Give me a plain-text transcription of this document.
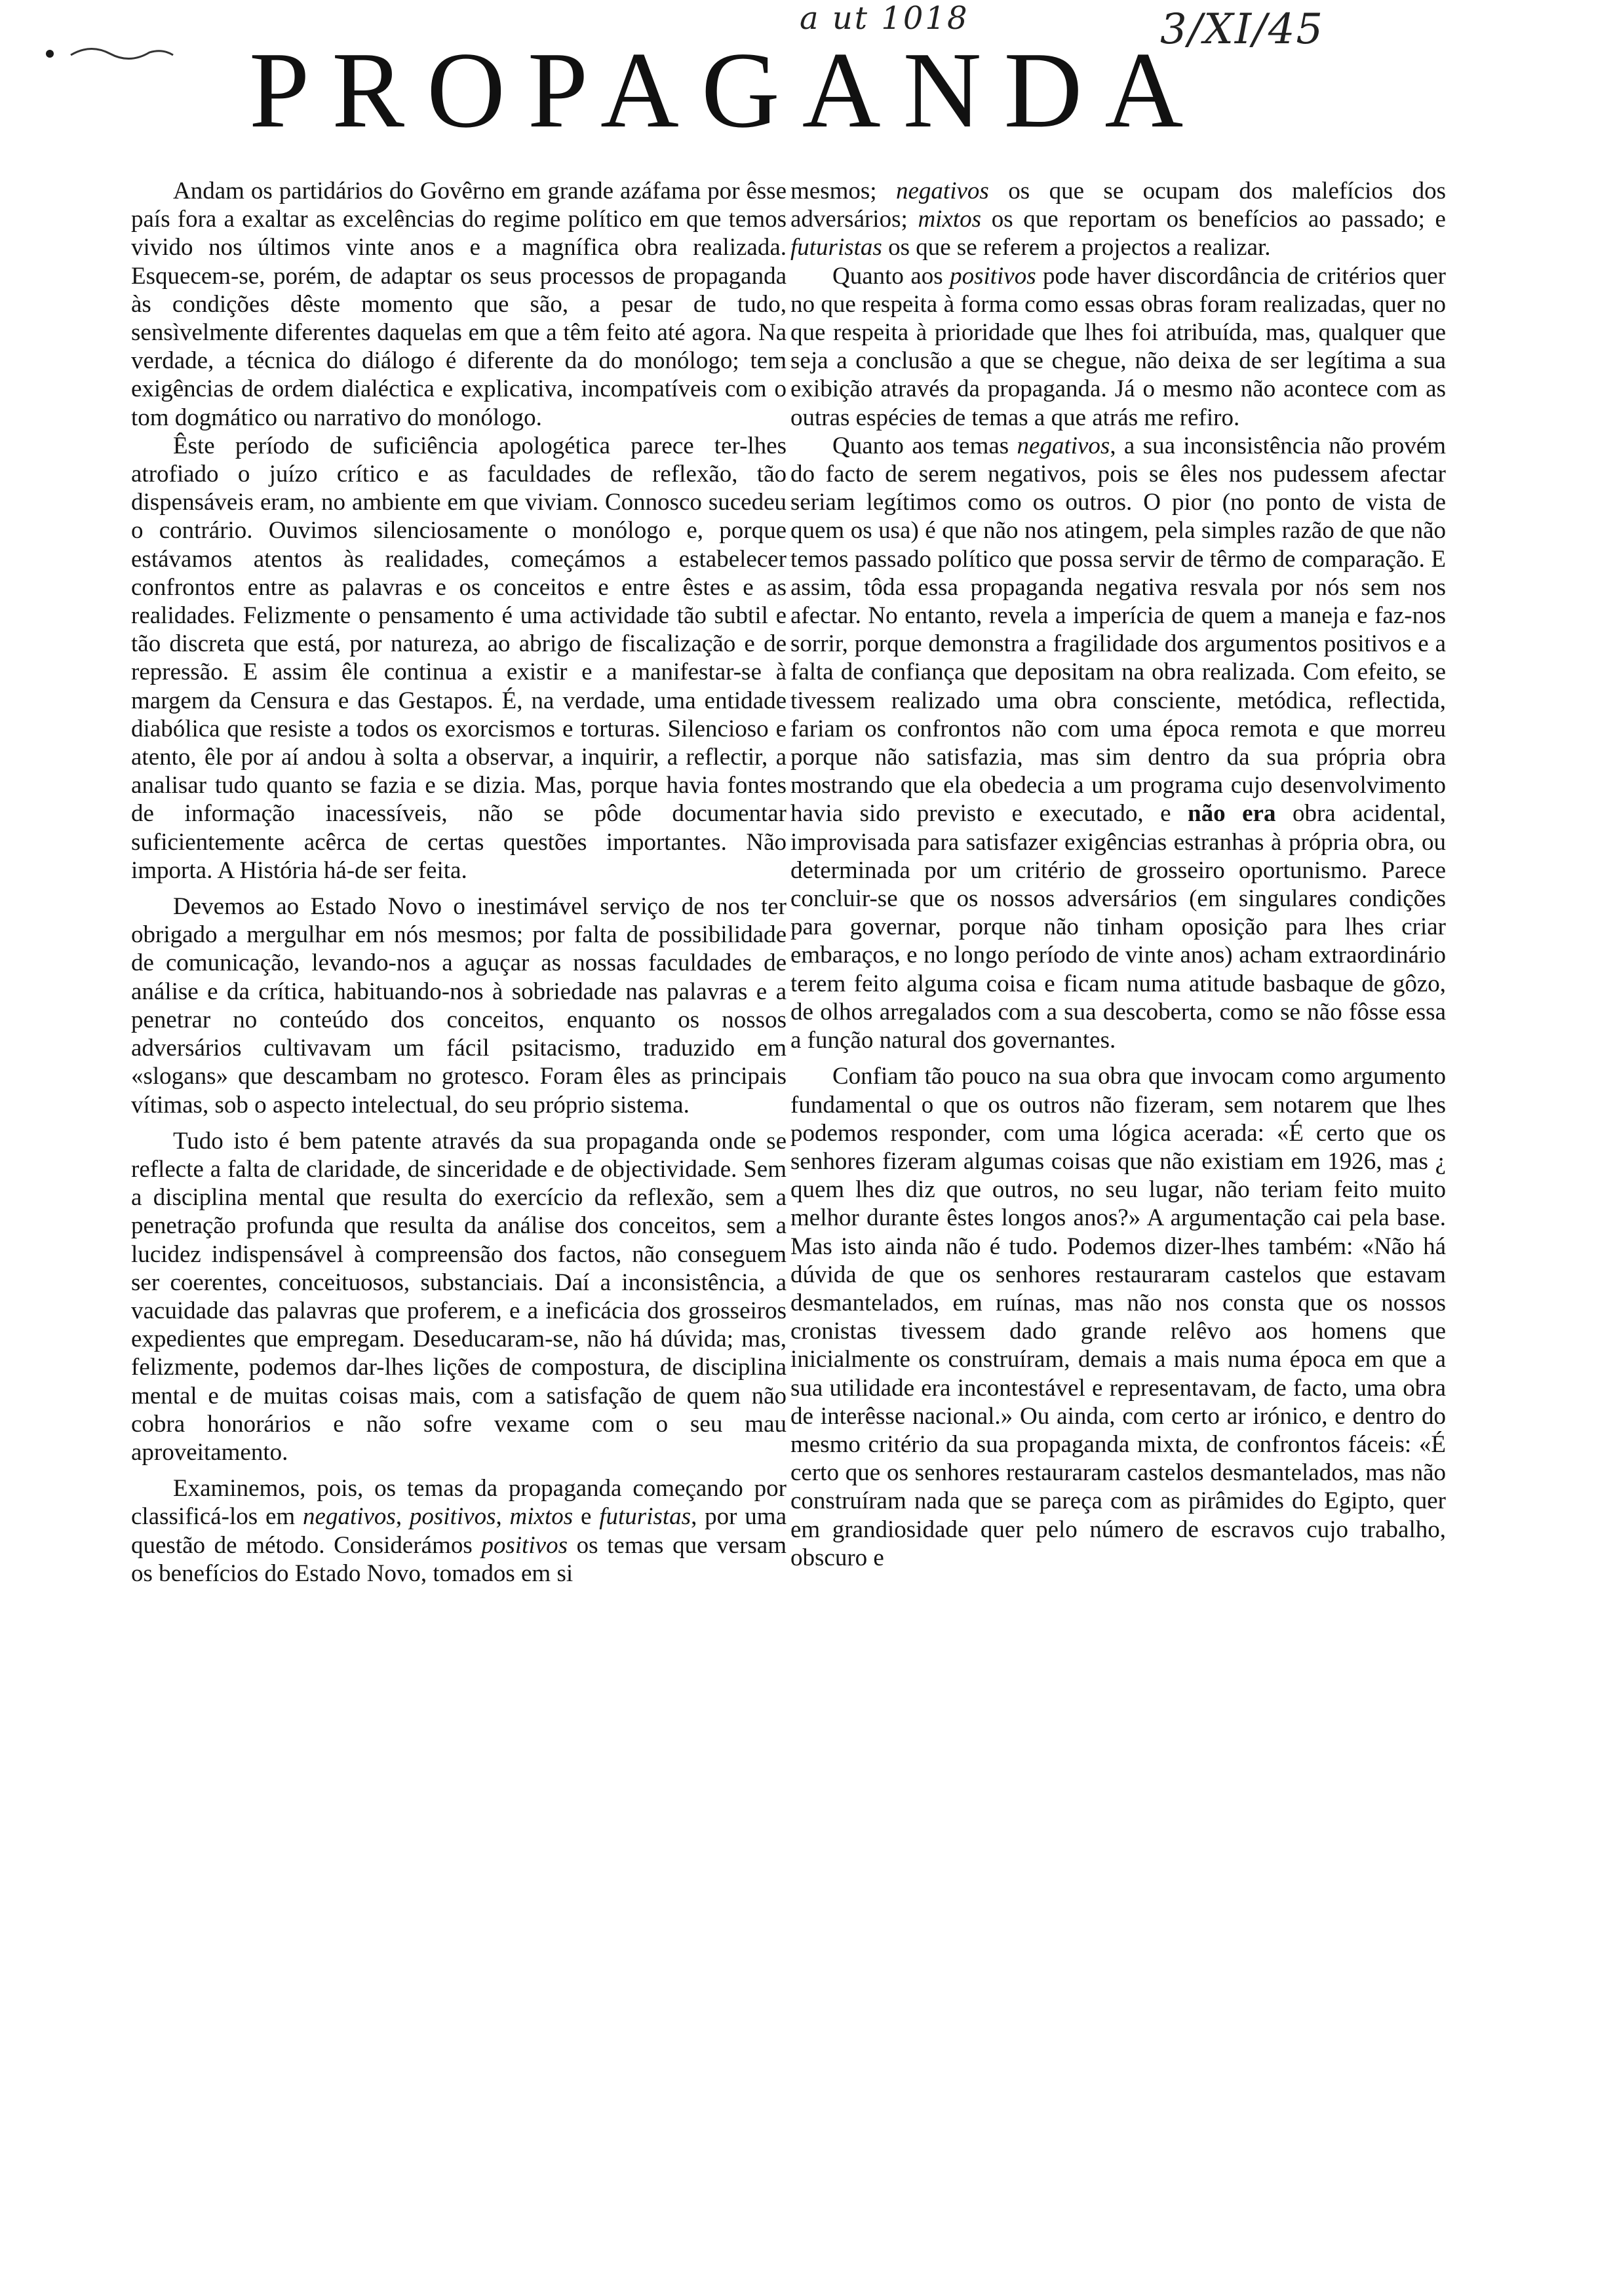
a ut 1018	3/XI/45
PROPAGANDA

Andam os partidários do Govêrno em grande azáfama por êsse país fora a exaltar as excelências do regime político em que temos vivido nos últimos vinte anos e a magnífica obra realizada. Esquecem-se, porém, de adaptar os seus processos de propaganda às condições dêste momento que são, a pesar de tudo, sensìvelmente diferentes daquelas em que a têm feito até agora. Na verdade, a técnica do diálogo é diferente da do monólogo; tem exigências de ordem dialéctica e explicativa, incompatíveis com o tom dogmático ou narrativo do monólogo.

Êste período de suficiência apologética parece ter-lhes atrofiado o juízo crítico e as faculdades de reflexão, tão dispensáveis eram, no ambiente em que viviam. Connosco sucedeu o contrário. Ouvimos silenciosamente o monólogo e, porque estávamos atentos às realidades, começámos a estabelecer confrontos entre as palavras e os conceitos e entre êstes e as realidades. Felizmente o pensamento é uma actividade tão subtil e tão discreta que está, por natureza, ao abrigo de fiscalização e de repressão. E assim êle continua a existir e a manifestar-se à margem da Censura e das Gestapos. É, na verdade, uma entidade diabólica que resiste a todos os exorcismos e torturas. Silencioso e atento, êle por aí andou à solta a observar, a inquirir, a reflectir, a analisar tudo quanto se fazia e se dizia. Mas, porque havia fontes de informação inacessíveis, não se pôde documentar suficientemente acêrca de certas questões importantes. Não importa. A História há-de ser feita.

Devemos ao Estado Novo o inestimável serviço de nos ter obrigado a mergulhar em nós mesmos; por falta de possibilidade de comunicação, levando-nos a aguçar as nossas faculdades de análise e da crítica, habituando-nos à sobriedade nas palavras e a penetrar no conteúdo dos conceitos, enquanto os nossos adversários cultivavam um fácil psitacismo, traduzido em «slogans» que descambam no grotesco. Foram êles as principais vítimas, sob o aspecto intelectual, do seu próprio sistema.

Tudo isto é bem patente através da sua propaganda onde se reflecte a falta de claridade, de sinceridade e de objectividade. Sem a disciplina mental que resulta do exercício da reflexão, sem a penetração profunda que resulta da análise dos conceitos, sem a lucidez indispensável à compreensão dos factos, não conseguem ser coerentes, conceituosos, substanciais. Daí a inconsistência, a vacuidade das palavras que proferem, e a ineficácia dos grosseiros expedientes que empregam. Deseducaram-se, não há dúvida; mas, felizmente, podemos dar-lhes lições de compostura, de disciplina mental e de muitas coisas mais, com a satisfação de quem não cobra honorários e não sofre vexame com o seu mau aproveitamento.

Examinemos, pois, os temas da propaganda começando por classificá-los em negativos, positivos, mixtos e futuristas, por uma questão de método. Considerámos positivos os temas que versam os benefícios do Estado Novo, tomados em si

mesmos; negativos os que se ocupam dos malefícios dos adversários; mixtos os que reportam os benefícios ao passado; e futuristas os que se referem a projectos a realizar.

Quanto aos positivos pode haver discordância de critérios quer no que respeita à forma como essas obras foram realizadas, quer no que respeita à prioridade que lhes foi atribuída, mas, qualquer que seja a conclusão a que se chegue, não deixa de ser legítima a sua exibição através da propaganda. Já o mesmo não acontece com as outras espécies de temas a que atrás me refiro.

Quanto aos temas negativos, a sua inconsistência não provém do facto de serem negativos, pois se êles nos pudessem afectar seriam legítimos como os outros. O pior (no ponto de vista de quem os usa) é que não nos atingem, pela simples razão de que não temos passado político que possa servir de têrmo de comparação. E assim, tôda essa propaganda negativa resvala por nós sem nos afectar. No entanto, revela a imperícia de quem a maneja e faz-nos sorrir, porque demonstra a fragilidade dos argumentos positivos e a falta de confiança que depositam na obra realizada. Com efeito, se tivessem realizado uma obra consciente, metódica, reflectida, fariam os confrontos não com uma época remota e que morreu porque não satisfazia, mas sim dentro da sua própria obra mostrando que ela obedecia a um programa cujo desenvolvimento havia sido previsto e executado, e não era obra acidental, improvisada para satisfazer exigências estranhas à própria obra, ou determinada por um critério de grosseiro oportunismo. Parece concluir-se que os nossos adversários (em singulares condições para governar, porque não tinham oposição para lhes criar embaraços, e no longo período de vinte anos) acham extraordinário terem feito alguma coisa e ficam numa atitude basbaque de gôzo, de olhos arregalados com a sua descoberta, como se não fôsse essa a função natural dos governantes.

Confiam tão pouco na sua obra que invocam como argumento fundamental o que os outros não fizeram, sem notarem que lhes podemos responder, com uma lógica acerada: «É certo que os senhores fizeram algumas coisas que não existiam em 1926, mas ¿ quem lhes diz que outros, no seu lugar, não teriam feito muito melhor durante êstes longos anos?» A argumentação cai pela base. Mas isto ainda não é tudo. Podemos dizer-lhes também: «Não há dúvida de que os senhores restauraram castelos que estavam desmantelados, em ruínas, mas não nos consta que os nossos cronistas tivessem dado grande relêvo aos homens que inicialmente os construíram, demais a mais numa época em que a sua utilidade era incontestável e representavam, de facto, uma obra de interêsse nacional.» Ou ainda, com certo ar irónico, e dentro do mesmo critério da sua propaganda mixta, de confrontos fáceis: «É certo que os senhores restauraram castelos desmantelados, mas não construíram nada que se pareça com as pirâmides do Egipto, quer em grandiosidade quer pelo número de escravos cujo trabalho, obscuro e
